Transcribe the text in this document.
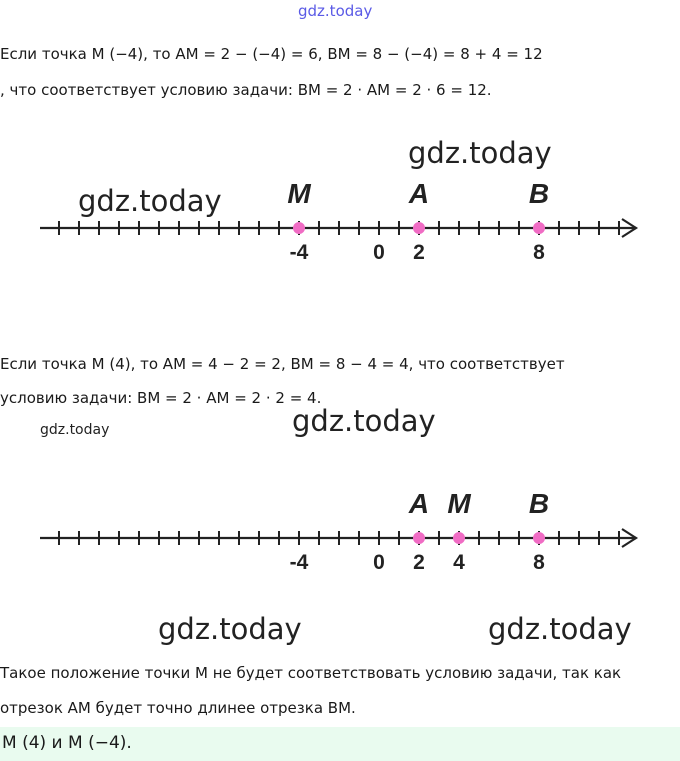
gdz.today
Если точка M (−4), то AM = 2 − (−4) = 6, BM = 8 − (−4) = 8 + 4 = 12
, что соответствует условию задачи: BM = 2 · AM = 2 · 6 = 12.
M	A	B
-4	0 2	8
gdz.today
gdz.today
Если точка M (4), то AM = 4 − 2 = 2, BM = 8 − 4 = 4, что соответствует
условию задачи: BM = 2 · AM = 2 · 2 = 4.
gdz.today	gdz.today
A M B
-4	0 2 4	8
gdz.today	gdz.today
Такое положение точки M не будет соответствовать условию задачи, так как
отрезок AM будет точно длинее отрезка BM.
M (4) и M (−4).
